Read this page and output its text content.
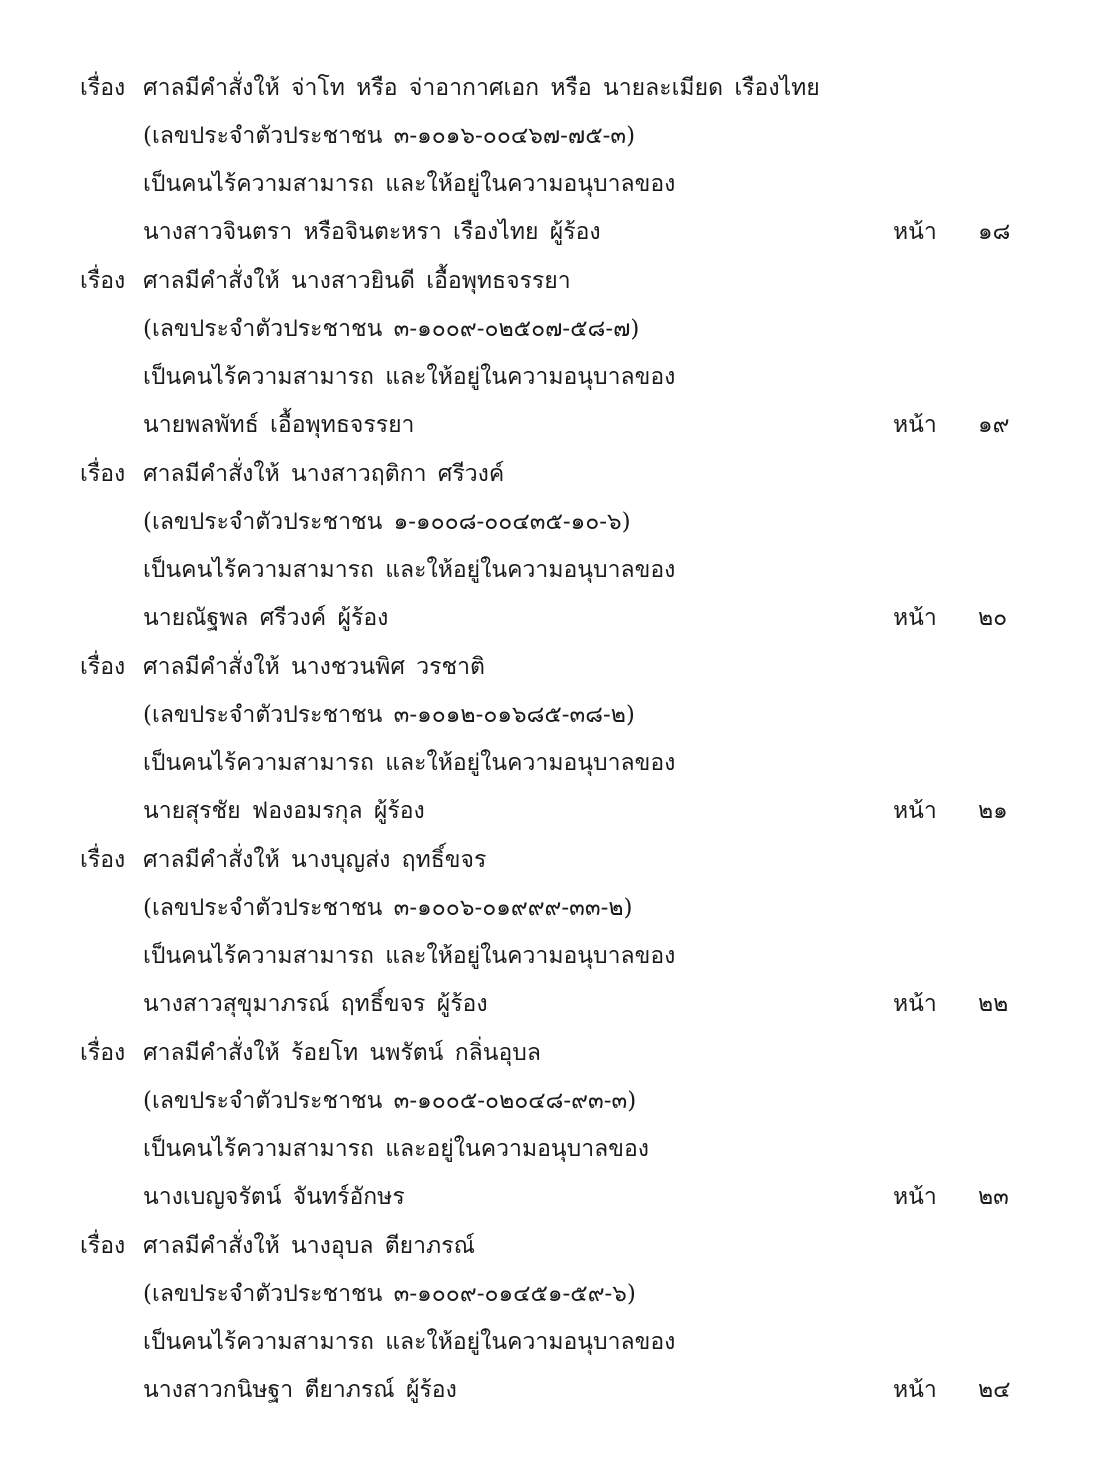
เรื่อง ศาลมีคำสั่งให้ จ่าโท หรือ จ่าอากาศเอก หรือ นายละเมียด เรืองไทย
(เลขประจำตัวประชาชน ๓-๑๐๑๖-๐๐๔๖๗-๗๕-๓)
เป็นคนไร้ความสามารถ และให้อยู่ในความอนุบาลของ
นางสาวจินตรา หรือจินตะหรา เรืองไทย ผู้ร้อง	หน้า ๑๘
เรื่อง ศาลมีคำสั่งให้ นางสาวยินดี เอื้อพุทธจรรยา
(เลขประจำตัวประชาชน ๓-๑๐๐๙-๐๒๕๐๗-๕๘-๗)
เป็นคนไร้ความสามารถ และให้อยู่ในความอนุบาลของ
นายพลพัทธ์ เอื้อพุทธจรรยา	หน้า ๑๙
เรื่อง ศาลมีคำสั่งให้ นางสาวฤติกา ศรีวงค์
(เลขประจำตัวประชาชน ๑-๑๐๐๘-๐๐๔๓๕-๑๐-๖)
เป็นคนไร้ความสามารถ และให้อยู่ในความอนุบาลของ
นายณัฐพล ศรีวงค์ ผู้ร้อง	หน้า ๒๐
เรื่อง ศาลมีคำสั่งให้ นางชวนพิศ วรชาติ
(เลขประจำตัวประชาชน ๓-๑๐๑๒-๐๑๖๘๕-๓๘-๒)
เป็นคนไร้ความสามารถ และให้อยู่ในความอนุบาลของ
นายสุรชัย ฟองอมรกุล ผู้ร้อง	หน้า ๒๑
เรื่อง ศาลมีคำสั่งให้ นางบุญส่ง ฤทธิ์ขจร
(เลขประจำตัวประชาชน ๓-๑๐๐๖-๐๑๙๙๙-๓๓-๒)
เป็นคนไร้ความสามารถ และให้อยู่ในความอนุบาลของ
นางสาวสุขุมาภรณ์ ฤทธิ์ขจร ผู้ร้อง	หน้า ๒๒
เรื่อง ศาลมีคำสั่งให้ ร้อยโท นพรัตน์ กลิ่นอุบล
(เลขประจำตัวประชาชน ๓-๑๐๐๕-๐๒๐๔๘-๙๓-๓)
เป็นคนไร้ความสามารถ และอยู่ในความอนุบาลของ
นางเบญจรัตน์ จันทร์อักษร	หน้า ๒๓
เรื่อง ศาลมีคำสั่งให้ นางอุบล ตียาภรณ์
(เลขประจำตัวประชาชน ๓-๑๐๐๙-๐๑๔๕๑-๕๙-๖)
เป็นคนไร้ความสามารถ และให้อยู่ในความอนุบาลของ
นางสาวกนิษฐา ตียาภรณ์ ผู้ร้อง	หน้า ๒๔
